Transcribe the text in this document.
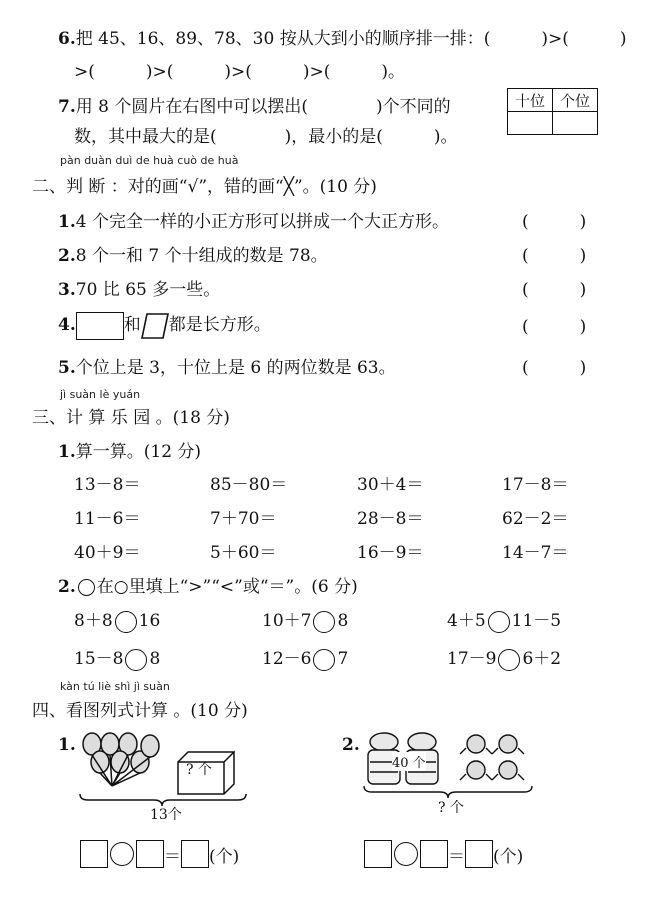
6.把 45、16、89、78、30 按从大到小的顺序排一排：(　　　)>(　　　)
>(　　　)>(　　　)>(　　　)>(　　　)。
7.用 8 个圆片在右图中可以摆出(　　　　)个不同的
数，其中最大的是(　　　　)，最小的是(　　　)。
十位	个位

pàn duàn duì de huà cuò de huà
二、判 断 ：对的画“√”，错的画“╳”。(10 分)
1.4 个完全一样的小正方形可以拼成一个大正方形。	(　　　)
2.8 个一和 7 个十组成的数是 78。	(　　　)
3.70 比 65 多一些。	(　　　)
4.	和 都是长方形。	(　　　)
5.个位上是 3，十位上是 6 的两位数是 63。	(　　　)
jì suàn lè yuán
三、计 算 乐 园 。(18 分)
1.算一算。(12 分)
13－8＝	85－80＝	30＋4＝	17－8＝
11－6＝	7＋70＝	28－8＝	62－2＝
40＋9＝	5＋60＝	16－9＝	14－7＝
2. 在○里填上“>”“<”或“＝”。(6 分)
8＋8 16	10＋7 8	4＋5 11－5
15－8 8	12－6 7	17－9 6＋2
kàn tú liè shì jì suàn
四、看图列式计算 。(10 分)
1.
? 个
13个
＝ (个)
2.
40 个
? 个
＝ (个)
